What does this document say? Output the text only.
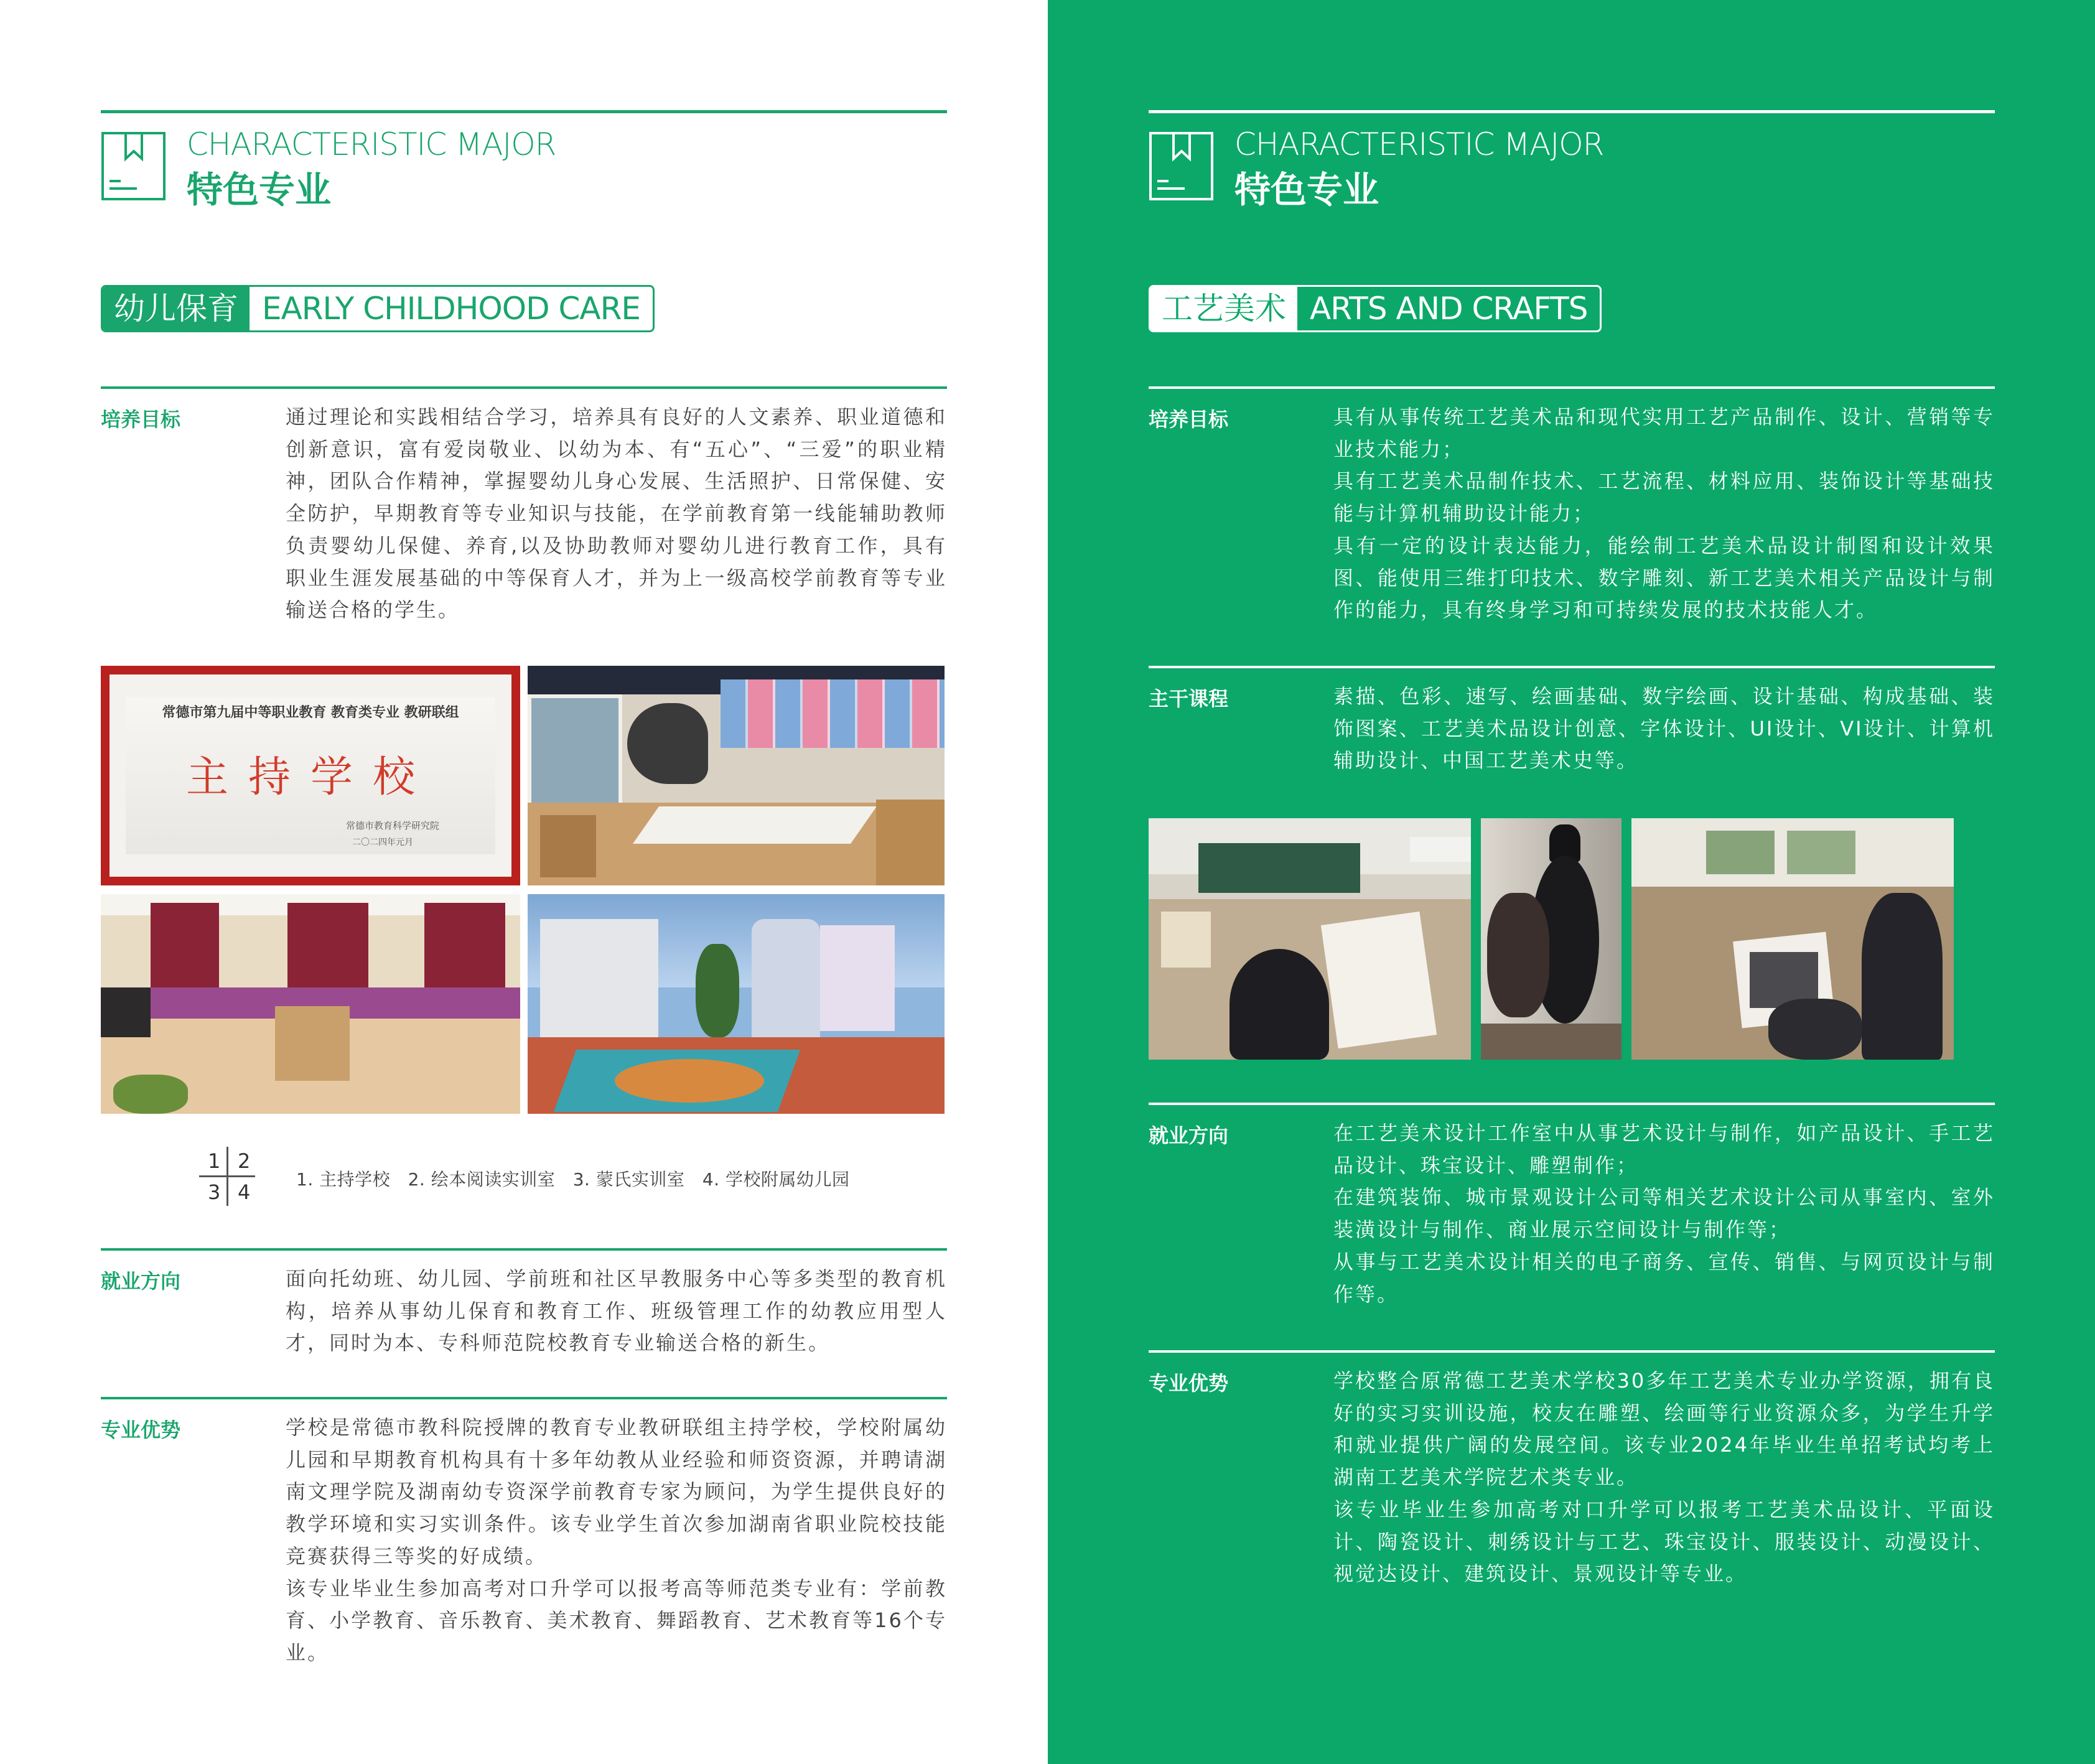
CHARACTERISTIC MAJOR
特色专业
幼儿保育 EARLY CHILDHOOD CARE
培养目标	通过理论和实践相结合学习，培养具有良好的人文素养、职业道德和创新意识，富有爱岗敬业、以幼为本、有“五心”、“三爱”的职业精神，团队合作精神，掌握婴幼儿身心发展、生活照护、日常保健、安全防护，早期教育等专业知识与技能，在学前教育第一线能辅助教师负责婴幼儿保健、养育,以及协助教师对婴幼儿进行教育工作，具有职业生涯发展基础的中等保育人才，并为上一级高校学前教育等专业输送合格的学生。

常德市第九届中等职业教育 教育类专业 教研联组
主持学校
常德市教育科学研究院
二〇二四年元月
1 2
3 4
1. 主持学校　2. 绘本阅读实训室　3. 蒙氏实训室　4. 学校附属幼儿园
就业方向	面向托幼班、幼儿园、学前班和社区早教服务中心等多类型的教育机构，培养从事幼儿保育和教育工作、班级管理工作的幼教应用型人才，同时为本、专科师范院校教育专业输送合格的新生。

专业优势	学校是常德市教科院授牌的教育专业教研联组主持学校，学校附属幼儿园和早期教育机构具有十多年幼教从业经验和师资资源，并聘请湖南文理学院及湖南幼专资深学前教育专家为顾问，为学生提供良好的教学环境和实习实训条件。该专业学生首次参加湖南省职业院校技能竞赛获得三等奖的好成绩。

该专业毕业生参加高考对口升学可以报考高等师范类专业有：学前教育、小学教育、音乐教育、美术教育、舞蹈教育、艺术教育等16个专业。

CHARACTERISTIC MAJOR
特色专业
工艺美术 ARTS AND CRAFTS
培养目标	具有从事传统工艺美术品和现代实用工艺产品制作、设计、营销等专业技术能力；

具有工艺美术品制作技术、工艺流程、材料应用、装饰设计等基础技能与计算机辅助设计能力；

具有一定的设计表达能力，能绘制工艺美术品设计制图和设计效果图、能使用三维打印技术、数字雕刻、新工艺美术相关产品设计与制作的能力，具有终身学习和可持续发展的技术技能人才。

主干课程	素描、色彩、速写、绘画基础、数字绘画、设计基础、构成基础、装饰图案、工艺美术品设计创意、字体设计、UI设计、VI设计、计算机辅助设计、中国工艺美术史等。

就业方向	在工艺美术设计工作室中从事艺术设计与制作，如产品设计、手工艺品设计、珠宝设计、雕塑制作；

在建筑装饰、城市景观设计公司等相关艺术设计公司从事室内、室外装潢设计与制作、商业展示空间设计与制作等；

从事与工艺美术设计相关的电子商务、宣传、销售、与网页设计与制作等。

专业优势	学校整合原常德工艺美术学校30多年工艺美术专业办学资源，拥有良好的实习实训设施，校友在雕塑、绘画等行业资源众多，为学生升学和就业提供广阔的发展空间。该专业2024年毕业生单招考试均考上湖南工艺美术学院艺术类专业。

该专业毕业生参加高考对口升学可以报考工艺美术品设计、平面设计、陶瓷设计、刺绣设计与工艺、珠宝设计、服装设计、动漫设计、视觉达设计、建筑设计、景观设计等专业。
